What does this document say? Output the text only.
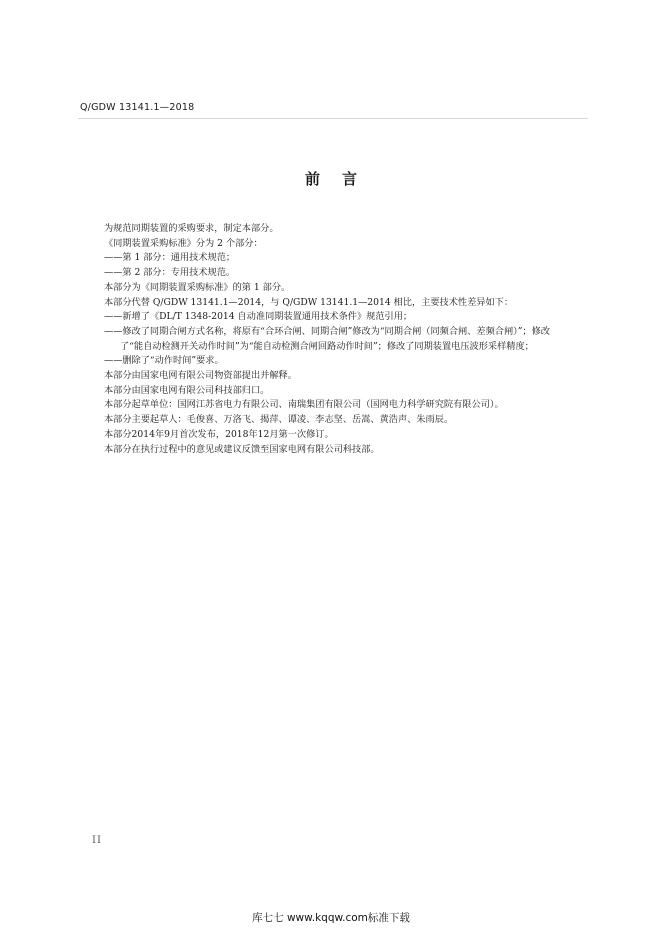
Q/GDW 13141.1—2018
前言

为规范同期装置的采购要求，制定本部分。

《同期装置采购标准》分为 2 个部分：

——第 1 部分：通用技术规范；

——第 2 部分：专用技术规范。

本部分为《同期装置采购标准》的第 1 部分。

本部分代替 Q/GDW 13141.1—2014，与 Q/GDW 13141.1—2014 相比，主要技术性差异如下：

——新增了《DL/T 1348-2014 自动准同期装置通用技术条件》规范引用；

——修改了同期合闸方式名称，将原有“合环合闸、同期合闸”修改为“同期合闸（同频合闸、差频合闸）”；修改了“能自动检测开关动作时间”为“能自动检测合闸回路动作时间”；修改了同期装置电压波形采样精度；

——删除了“动作时间”要求。

本部分由国家电网有限公司物资部提出并解释。

本部分由国家电网有限公司科技部归口。

本部分起草单位：国网江苏省电力有限公司、南瑞集团有限公司（国网电力科学研究院有限公司）。

本部分主要起草人：毛俊喜、万洛飞、揭萍、谭凌、李志坚、岳嵩、黄浩声、朱雨辰。

本部分2014年9月首次发布，2018年12月第一次修订。

本部分在执行过程中的意见或建议反馈至国家电网有限公司科技部。

II
库七七 www.kqqw.com标准下载
